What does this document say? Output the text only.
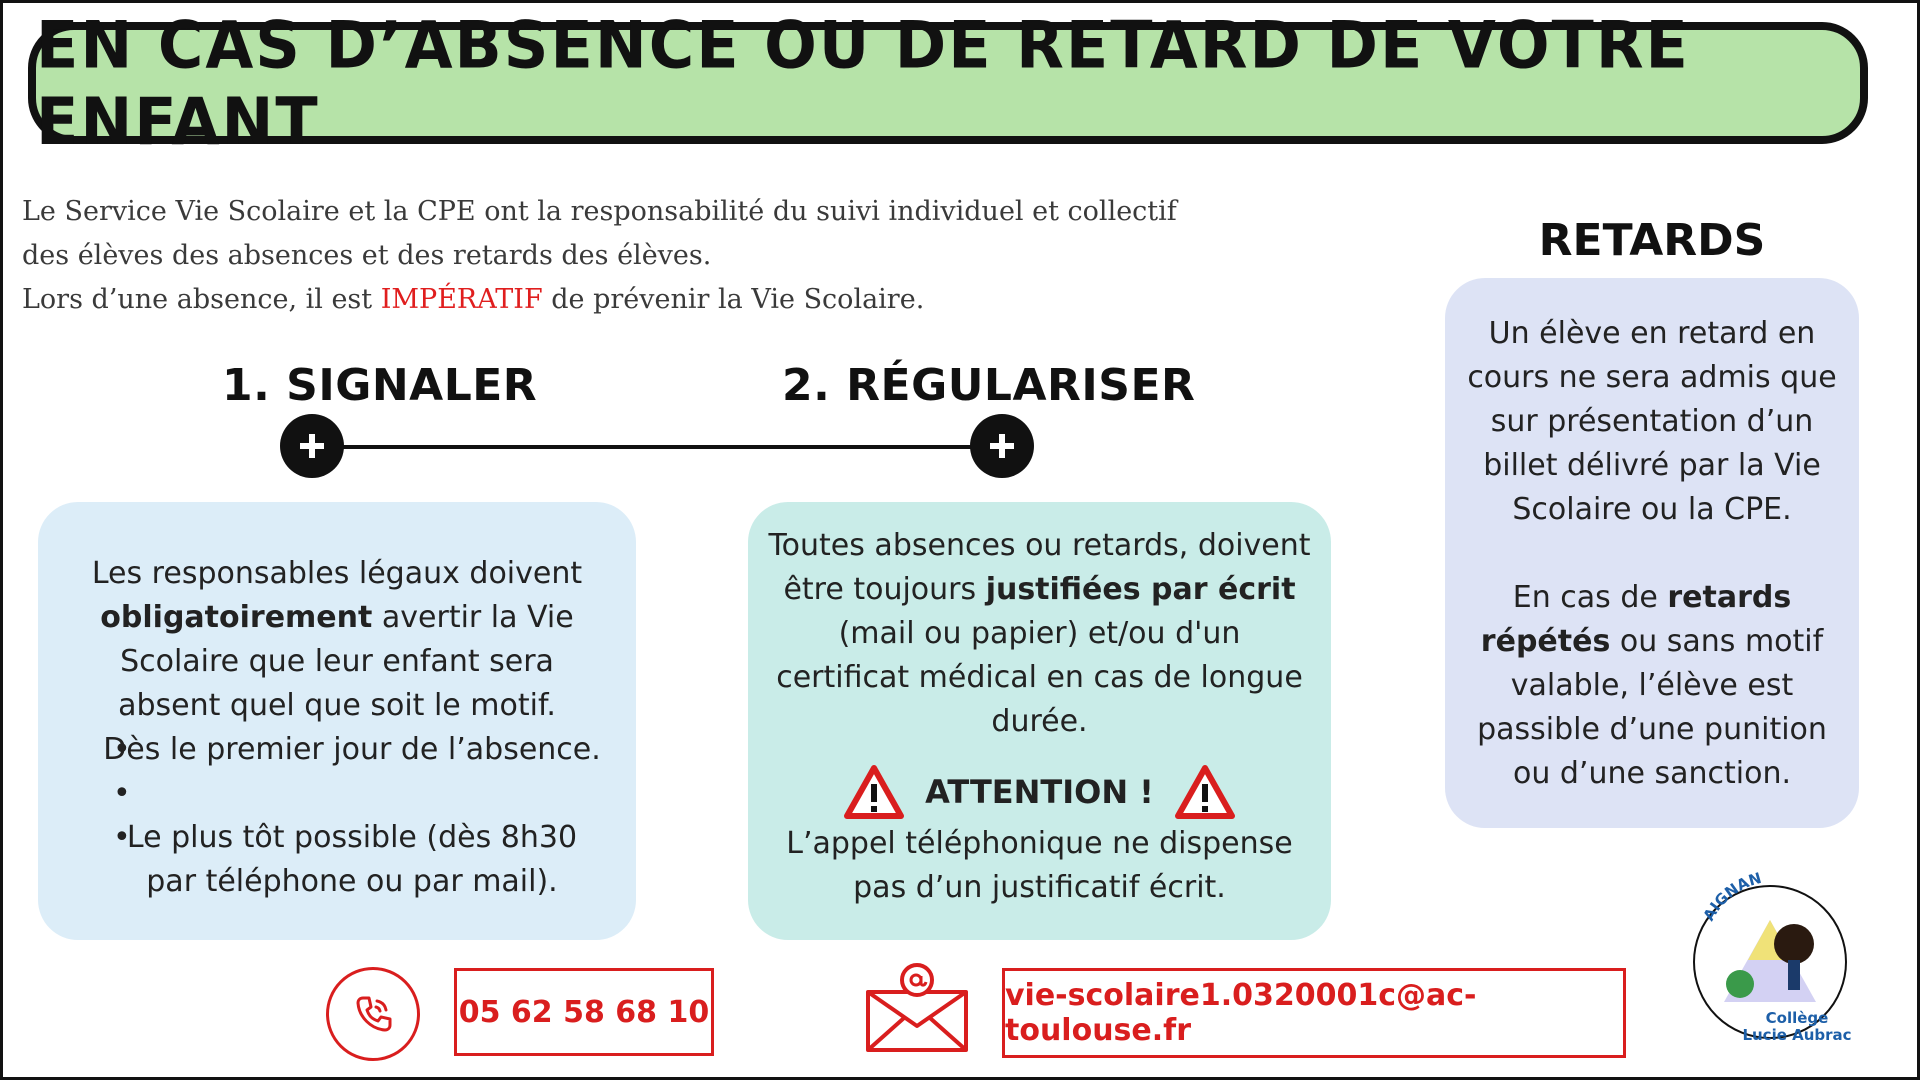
EN CAS D’ABSENCE OU DE RETARD DE VOTRE ENFANT

Le Service Vie Scolaire et la CPE ont la responsabilité du suivi individuel et collectif

des élèves des absences et des retards des élèves.

Lors d’une absence, il est IMPÉRATIF de prévenir la Vie Scolaire.

1. SIGNALER	2. RÉGULARISER

Les responsables légaux doivent obligatoirement avertir la Vie Scolaire que leur enfant sera absent quel que soit le motif.

• Dès le premier jour de l’absence.
•
• Le plus tôt possible (dès 8h30 par téléphone ou par mail).

Toutes absences ou retards, doivent être toujours justifiées par écrit (mail ou papier) et/ou d'un certificat médical en cas de longue durée.

ATTENTION !

L’appel téléphonique ne dispense pas d’un justificatif écrit.

RETARDS

Un élève en retard en cours ne sera admis que sur présentation d’un billet délivré par la Vie Scolaire ou la CPE.

En cas de retards répétés ou sans motif valable, l’élève est passible d’une punition ou d’une sanction.

05 62 58 68 10	vie-scolaire1.0320001c@ac-toulouse.fr
AIGNAN
Collège
Lucie Aubrac
